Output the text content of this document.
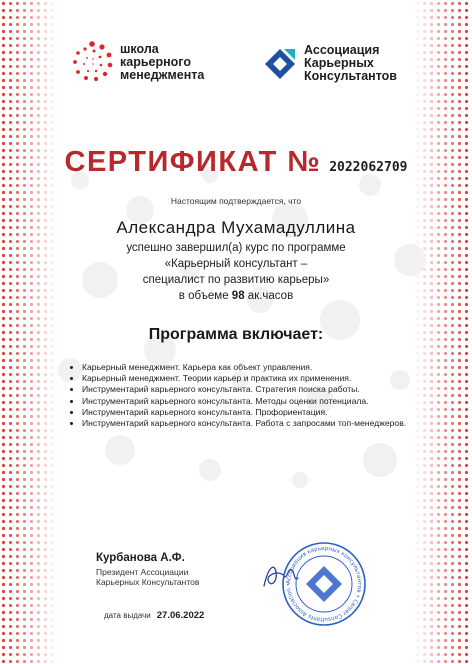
школа
карьерного
менеджмента
Ассоциация
Карьерных
Консультантов
СЕРТИФИКАТ № 2022062709
Настоящим подтверждается, что
Александра Мухамадуллина
успешно завершил(а) курс по программе
«Карьерный консультант –
специалист по развитию карьеры»
в объеме 98 ак.часов
Программа включает:
• Карьерный менеджмент. Карьера как объект управления.
• Карьерный менеджмент. Теории карьер и практика их применения.
• Инструментарий карьерного консультанта. Стратегия поиска работы.
• Инструментарий карьерного консультанта. Методы оценки потенциала.
• Инструментарий карьерного консультанта. Профориентация.
• Инструментарий карьерного консультанта. Работа с запросами топ-менеджеров.
Курбанова А.Ф.
Президент Ассоциации
Карьерных Консультантов
дата выдачи 27.06.2022
Ассоциация карьерных консультантов • Career Consultants Association •
